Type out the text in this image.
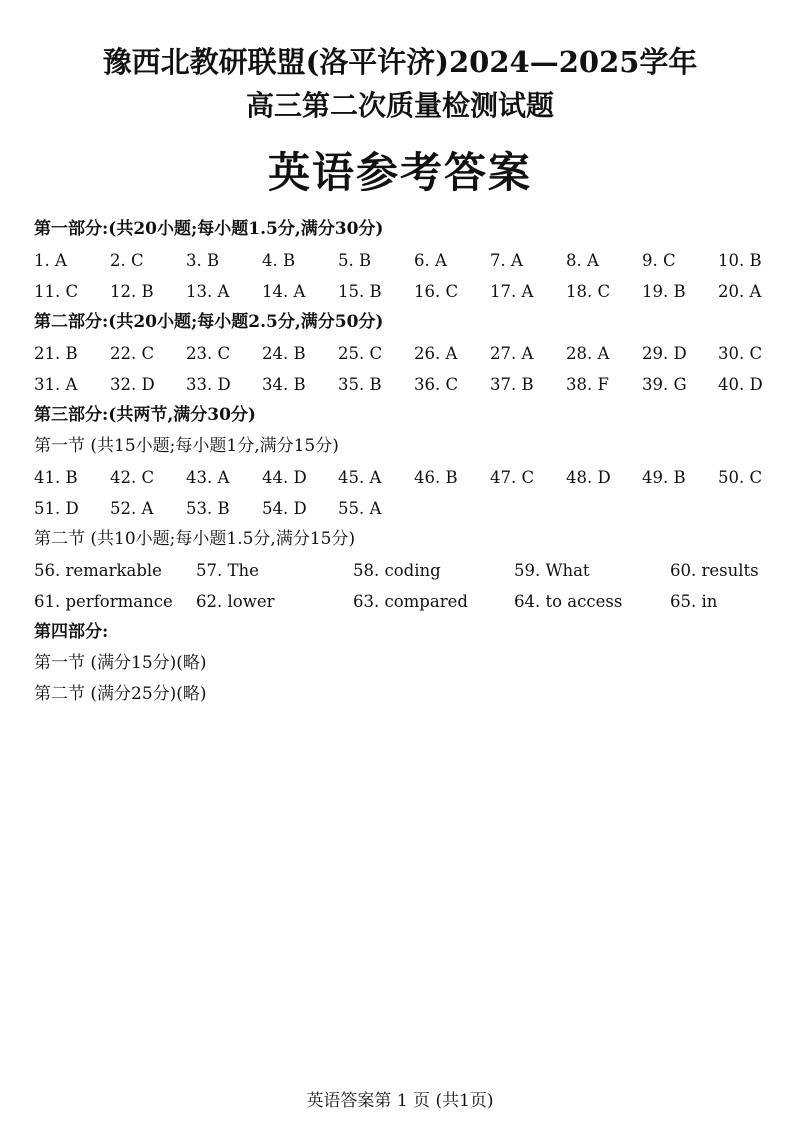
豫西北教研联盟(洛平许济)2024—2025学年
高三第二次质量检测试题
英语参考答案
第一部分:(共20小题;每小题1.5分,满分30分)
1. A	2. C	3. B	4. B	5. B	6. A	7. A	8. A	9. C	10. B
11. C	12. B	13. A	14. A	15. B	16. C	17. A	18. C	19. B	20. A
第二部分:(共20小题;每小题2.5分,满分50分)
21. B	22. C	23. C	24. B	25. C	26. A	27. A	28. A	29. D	30. C
31. A	32. D	33. D	34. B	35. B	36. C	37. B	38. F	39. G	40. D
第三部分:(共两节,满分30分)
第一节 (共15小题;每小题1分,满分15分)
41. B	42. C	43. A	44. D	45. A	46. B	47. C	48. D	49. B	50. C
51. D	52. A	53. B	54. D	55. A
第二节 (共10小题;每小题1.5分,满分15分)
56. remarkable	57. The	58. coding	59. What	60. results
61. performance	62. lower	63. compared	64. to access	65. in
第四部分:
第一节 (满分15分)(略)
第二节 (满分25分)(略)
英语答案第 1 页 (共1页)
